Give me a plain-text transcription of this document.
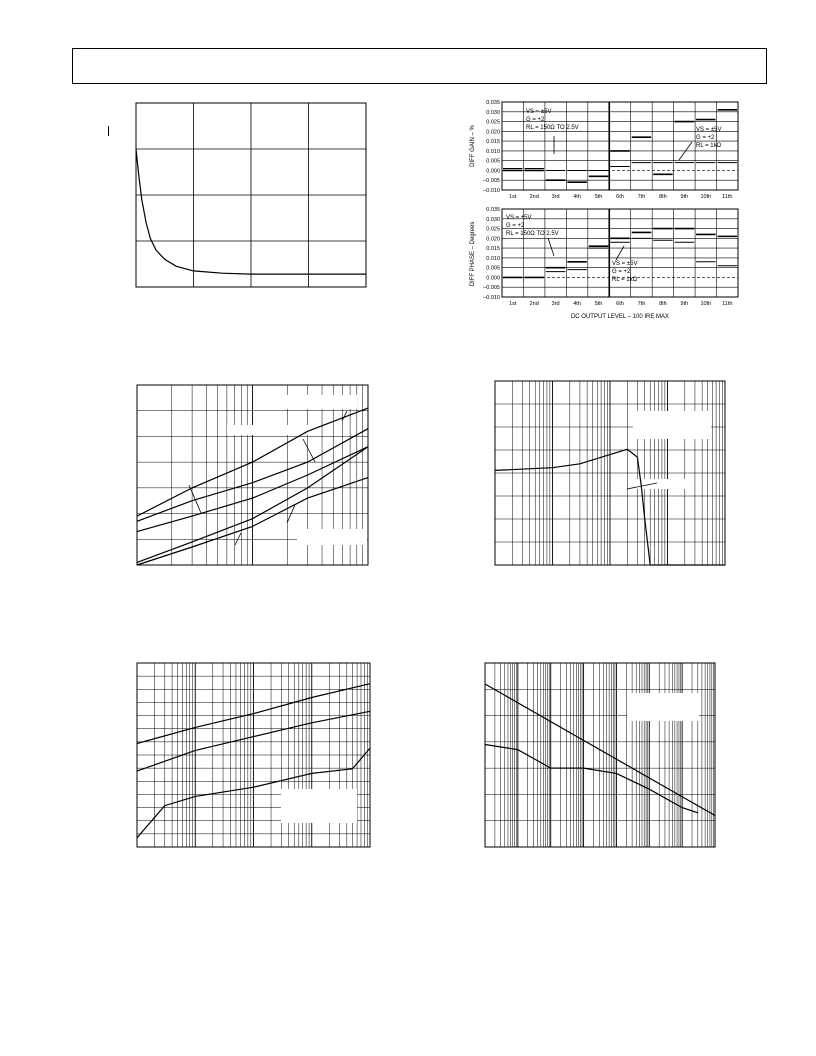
DIFF GAIN – %
0.035
0.030
0.025
0.020
0.015
0.010
0.005
0.000
–0.005
–0.010
1st 2nd 3rd 4th	5th	6th	7th	8th	9th 10th 11th
VS = ±5V
G = +2
RL = 150Ω TO 2.5V	VS = ±5V
G = +2
RL = 1kΩ
DIFF PHASE – Degrees
0.035
0.030
0.025
0.020
0.015
0.010
0.005
0.000
–0.005
–0.010
1st 2nd 3rd 4th	5th	6th	7th	8th	9th 10th 11th
VS = ±5V
G = +2
RL = 150Ω TO 2.5V
VS = ±5V
G = +2
RL = 1kΩ
DC OUTPUT LEVEL – 100 IRE MAX
